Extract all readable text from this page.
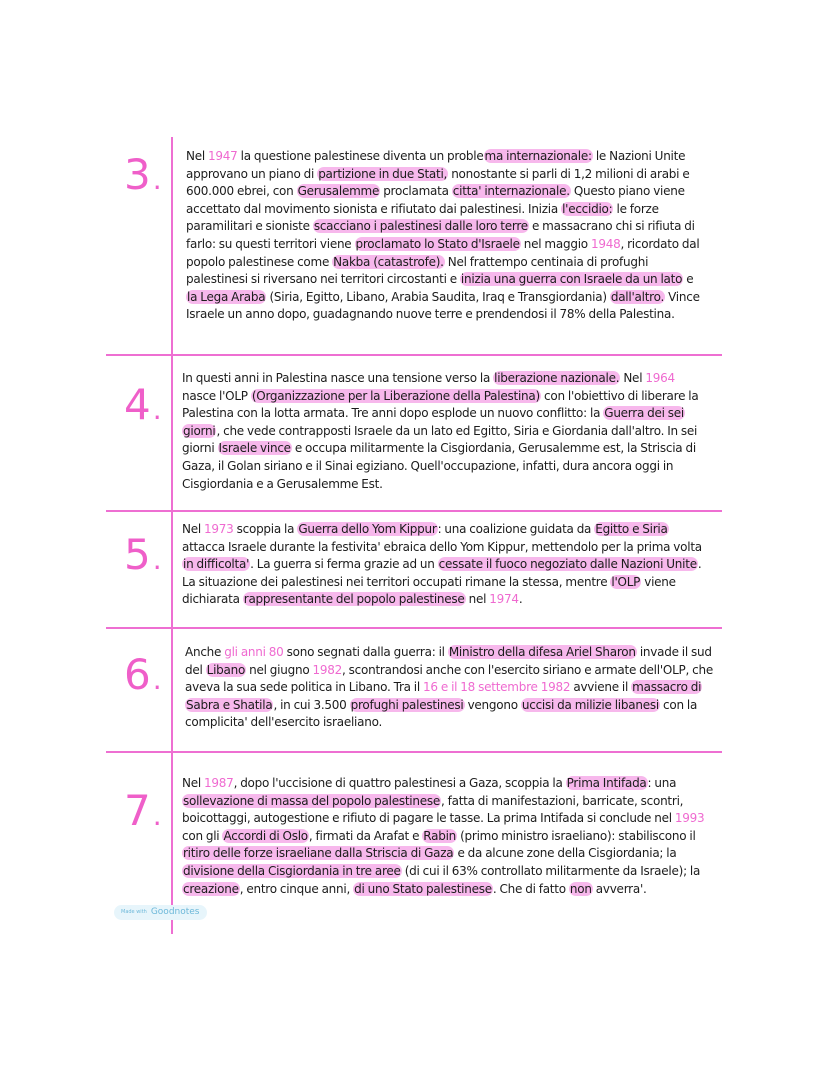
3.
4.
5.
6.
7.
Nel 1947 la questione palestinese diventa un problema internazionale: le Nazioni Unite approvano un piano di partizione in due Stati, nonostante si parli di 1,2 milioni di arabi e 600.000 ebrei, con Gerusalemme proclamata citta' internazionale. Questo piano viene accettato dal movimento sionista e rifiutato dai palestinesi. Inizia l'eccidio: le forze paramilitari e sioniste scacciano i palestinesi dalle loro terre e massacrano chi si rifiuta di farlo: su questi territori viene proclamato lo Stato d'Israele nel maggio 1948, ricordato dal popolo palestinese come Nakba (catastrofe). Nel frattempo centinaia di profughi palestinesi si riversano nei territori circostanti e inizia una guerra con Israele da un lato e la Lega Araba (Siria, Egitto, Libano, Arabia Saudita, Iraq e Transgiordania) dall'altro. Vince Israele un anno dopo, guadagnando nuove terre e prendendosi il 78% della Palestina.
In questi anni in Palestina nasce una tensione verso la liberazione nazionale. Nel 1964 nasce l'OLP (Organizzazione per la Liberazione della Palestina) con l'obiettivo di liberare la Palestina con la lotta armata. Tre anni dopo esplode un nuovo conflitto: la Guerra dei sei giorni, che vede contrapposti Israele da un lato ed Egitto, Siria e Giordania dall'altro. In sei giorni Israele vince e occupa militarmente la Cisgiordania, Gerusalemme est, la Striscia di Gaza, il Golan siriano e il Sinai egiziano. Quell'occupazione, infatti, dura ancora oggi in Cisgiordania e a Gerusalemme Est.
Nel 1973 scoppia la Guerra dello Yom Kippur: una coalizione guidata da Egitto e Siria attacca Israele durante la festivita' ebraica dello Yom Kippur, mettendolo per la prima volta in difficolta'. La guerra si ferma grazie ad un cessate il fuoco negoziato dalle Nazioni Unite. La situazione dei palestinesi nei territori occupati rimane la stessa, mentre l'OLP viene dichiarata rappresentante del popolo palestinese nel 1974.
Anche gli anni 80 sono segnati dalla guerra: il Ministro della difesa Ariel Sharon invade il sud del Libano nel giugno 1982, scontrandosi anche con l'esercito siriano e armate dell'OLP, che aveva la sua sede politica in Libano. Tra il 16 e il 18 settembre 1982 avviene il massacro di Sabra e Shatila, in cui 3.500 profughi palestinesi vengono uccisi da milizie libanesi con la complicita' dell'esercito israeliano.
Nel 1987, dopo l'uccisione di quattro palestinesi a Gaza, scoppia la Prima Intifada: una sollevazione di massa del popolo palestinese, fatta di manifestazioni, barricate, scontri, boicottaggi, autogestione e rifiuto di pagare le tasse. La prima Intifada si conclude nel 1993 con gli Accordi di Oslo, firmati da Arafat e Rabin (primo ministro israeliano): stabiliscono il ritiro delle forze israeliane dalla Striscia di Gaza e da alcune zone della Cisgiordania; la divisione della Cisgiordania in tre aree (di cui il 63% controllato militarmente da Israele); la creazione, entro cinque anni, di uno Stato palestinese. Che di fatto non avverra'.
Made with Goodnotes
